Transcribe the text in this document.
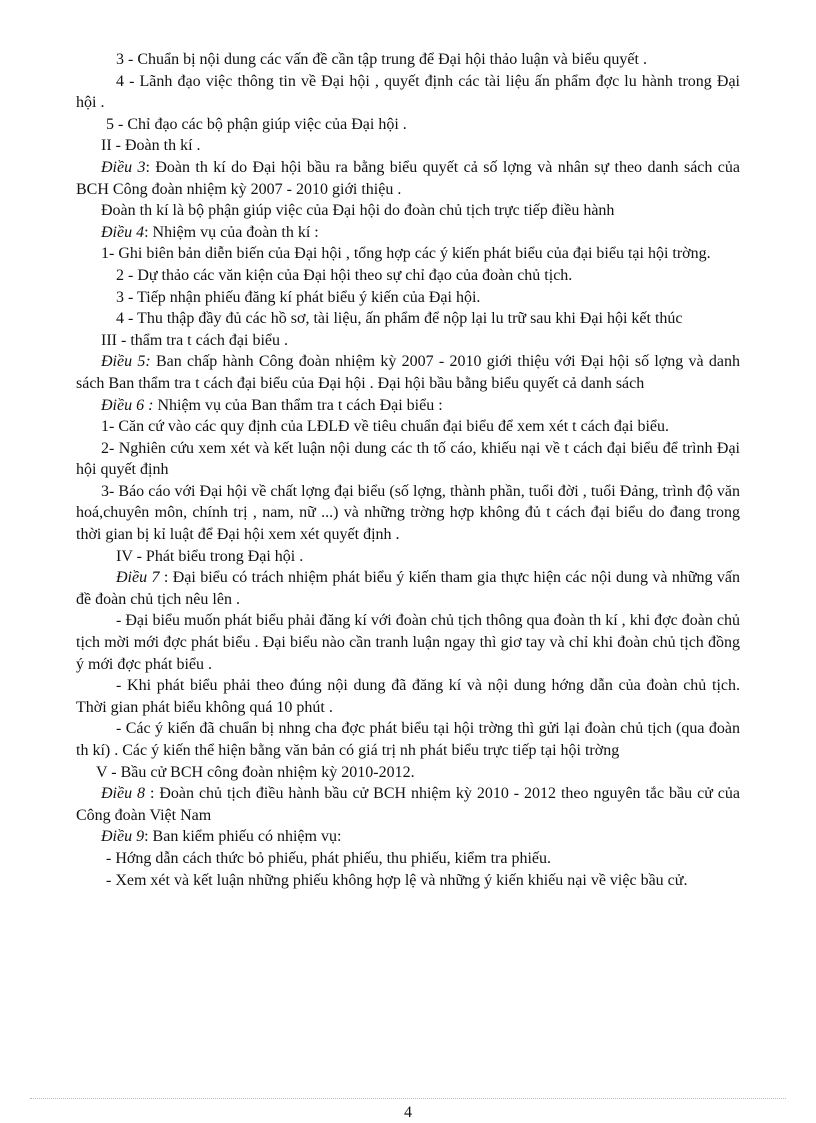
3 - Chuẩn bị nội dung các vấn đề cần tập trung để Đại hội thảo luận và biểu quyết .

4 - Lãnh đạo việc thông tin về Đại hội , quyết định các tài liệu ấn phẩm đợc lu hành trong Đại hội .

5 - Chỉ đạo các bộ phận giúp việc của Đại hội .

II - Đoàn th kí .

Điều 3: Đoàn th kí do Đại hội bầu ra bằng biểu quyết cả số lợng và nhân sự theo danh sách của BCH Công đoàn nhiệm kỳ 2007 - 2010 giới thiệu .

Đoàn th kí là bộ phận giúp việc của Đại hội do đoàn chủ tịch trực tiếp điều hành

Điều 4: Nhiệm vụ của đoàn th kí :

1- Ghi biên bản diễn biến của Đại hội , tổng hợp các ý kiến phát biểu của đại biểu tại hội trờng.

2 - Dự thảo các văn kiện của Đại hội theo sự chỉ đạo của đoàn chủ tịch.

3 - Tiếp nhận phiếu đăng kí phát biểu ý kiến của Đại hội.

4 - Thu thập đầy đủ các hồ sơ, tài liệu, ấn phẩm để nộp lại lu trữ sau khi Đại hội kết thúc

III - thẩm tra t cách đại biểu .

Điều 5: Ban chấp hành Công đoàn nhiệm kỳ 2007 - 2010 giới thiệu với Đại hội số lợng và danh sách Ban thẩm tra t cách đại biểu của Đại hội . Đại hội bầu bằng biểu quyết cả danh sách

Điều 6 : Nhiệm vụ của Ban thẩm tra t cách Đại biểu :

1- Căn cứ vào các quy định của LĐLĐ về tiêu chuẩn đại biểu để xem xét t cách đại biểu.

2- Nghiên cứu xem xét và kết luận nội dung các th tố cáo, khiếu nại về t cách đại biểu để trình Đại hội quyết định

3- Báo cáo với Đại hội về chất lợng đại biểu (số lợng, thành phần, tuổi đời , tuổi Đảng, trình độ văn hoá,chuyên môn, chính trị , nam, nữ ...) và những trờng hợp không đủ t cách đại biểu do đang trong thời gian bị kỉ luật để Đại hội xem xét quyết định .

IV - Phát biểu trong Đại hội .

Điều 7 : Đại biểu có trách nhiệm phát biểu ý kiến tham gia thực hiện các nội dung và những vấn đề đoàn chủ tịch nêu lên .

- Đại biểu muốn phát biểu phải đăng kí với đoàn chủ tịch thông qua đoàn th kí , khi đợc đoàn chủ tịch mời mới đợc phát biểu . Đại biểu nào cần tranh luận ngay thì giơ tay và chỉ khi đoàn chủ tịch đồng ý mới đợc phát biểu .

- Khi phát biểu phải theo đúng nội dung đã đăng kí và nội dung hớng dẫn của đoàn chủ tịch. Thời gian phát biểu không quá 10 phút .

- Các ý kiến đã chuẩn bị nhng cha đợc phát biểu tại hội trờng thì gửi lại đoàn chủ tịch (qua đoàn th kí) . Các ý kiến thể hiện bằng văn bản có giá trị nh phát biểu trực tiếp tại hội trờng

V - Bầu cử BCH công đoàn nhiệm kỳ 2010-2012.

Điều 8 : Đoàn chủ tịch điều hành bầu cử BCH nhiệm kỳ 2010 - 2012 theo nguyên tắc bầu cử của Công đoàn Việt Nam

Điều 9: Ban kiểm phiếu có nhiệm vụ:

- Hớng dẫn cách thức bỏ phiếu, phát phiếu, thu phiếu, kiểm tra phiếu.

- Xem xét và kết luận những phiếu không hợp lệ và những ý kiến khiếu nại về việc bầu cử.

4
